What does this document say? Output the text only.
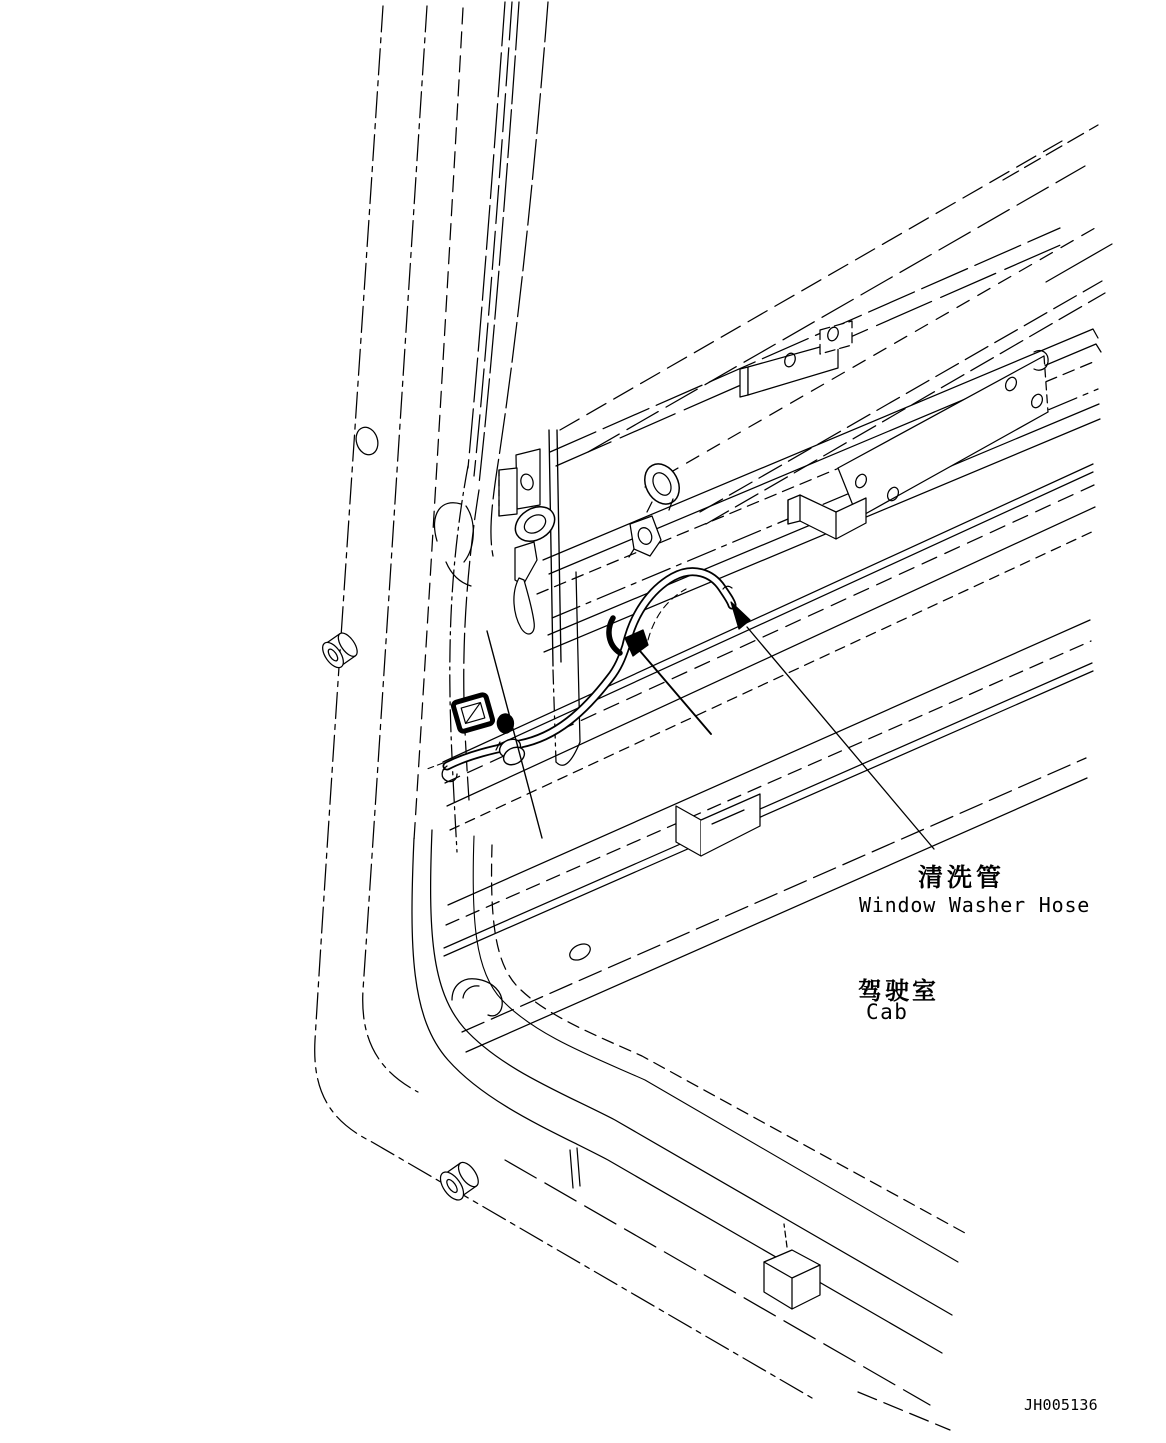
清洗管
Window Washer Hose
驾驶室
Cab
JH005136
